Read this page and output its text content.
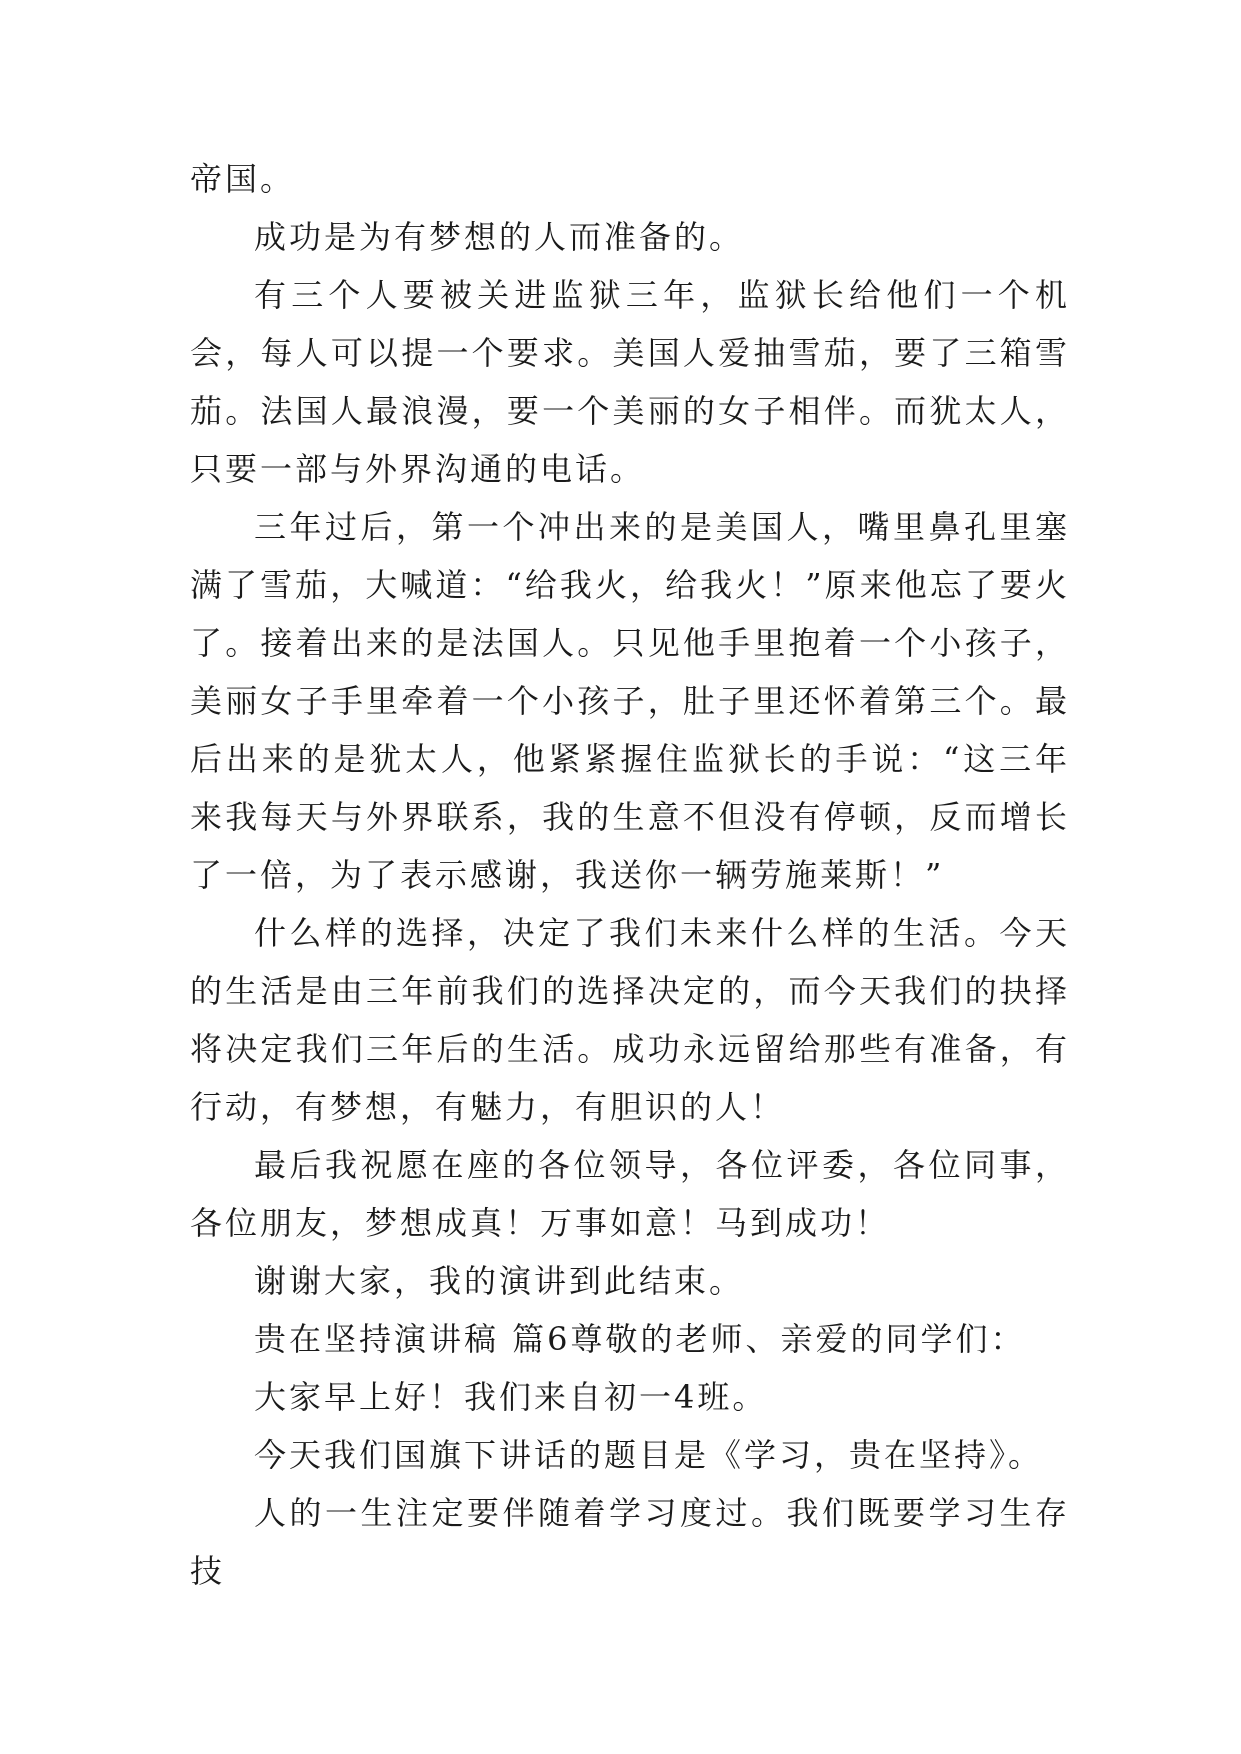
帝国。

成功是为有梦想的人而准备的。

有三个人要被关进监狱三年，监狱长给他们一个机会，每人可以提一个要求。美国人爱抽雪茄，要了三箱雪茄。法国人最浪漫，要一个美丽的女子相伴。而犹太人，只要一部与外界沟通的电话。

三年过后，第一个冲出来的是美国人，嘴里鼻孔里塞满了雪茄，大喊道：“给我火，给我火！”原来他忘了要火了。接着出来的是法国人。只见他手里抱着一个小孩子，美丽女子手里牵着一个小孩子，肚子里还怀着第三个。最后出来的是犹太人，他紧紧握住监狱长的手说：“这三年来我每天与外界联系，我的生意不但没有停顿，反而增长了一倍，为了表示感谢，我送你一辆劳施莱斯！”

什么样的选择，决定了我们未来什么样的生活。今天的生活是由三年前我们的选择决定的，而今天我们的抉择将决定我们三年后的生活。成功永远留给那些有准备，有行动，有梦想，有魅力，有胆识的人！

最后我祝愿在座的各位领导，各位评委，各位同事，各位朋友，梦想成真！万事如意！马到成功！

谢谢大家，我的演讲到此结束。

贵在坚持演讲稿 篇6尊敬的老师、亲爱的同学们：

大家早上好！我们来自初一4班。

今天我们国旗下讲话的题目是《学习，贵在坚持》。

人的一生注定要伴随着学习度过。我们既要学习生存技
